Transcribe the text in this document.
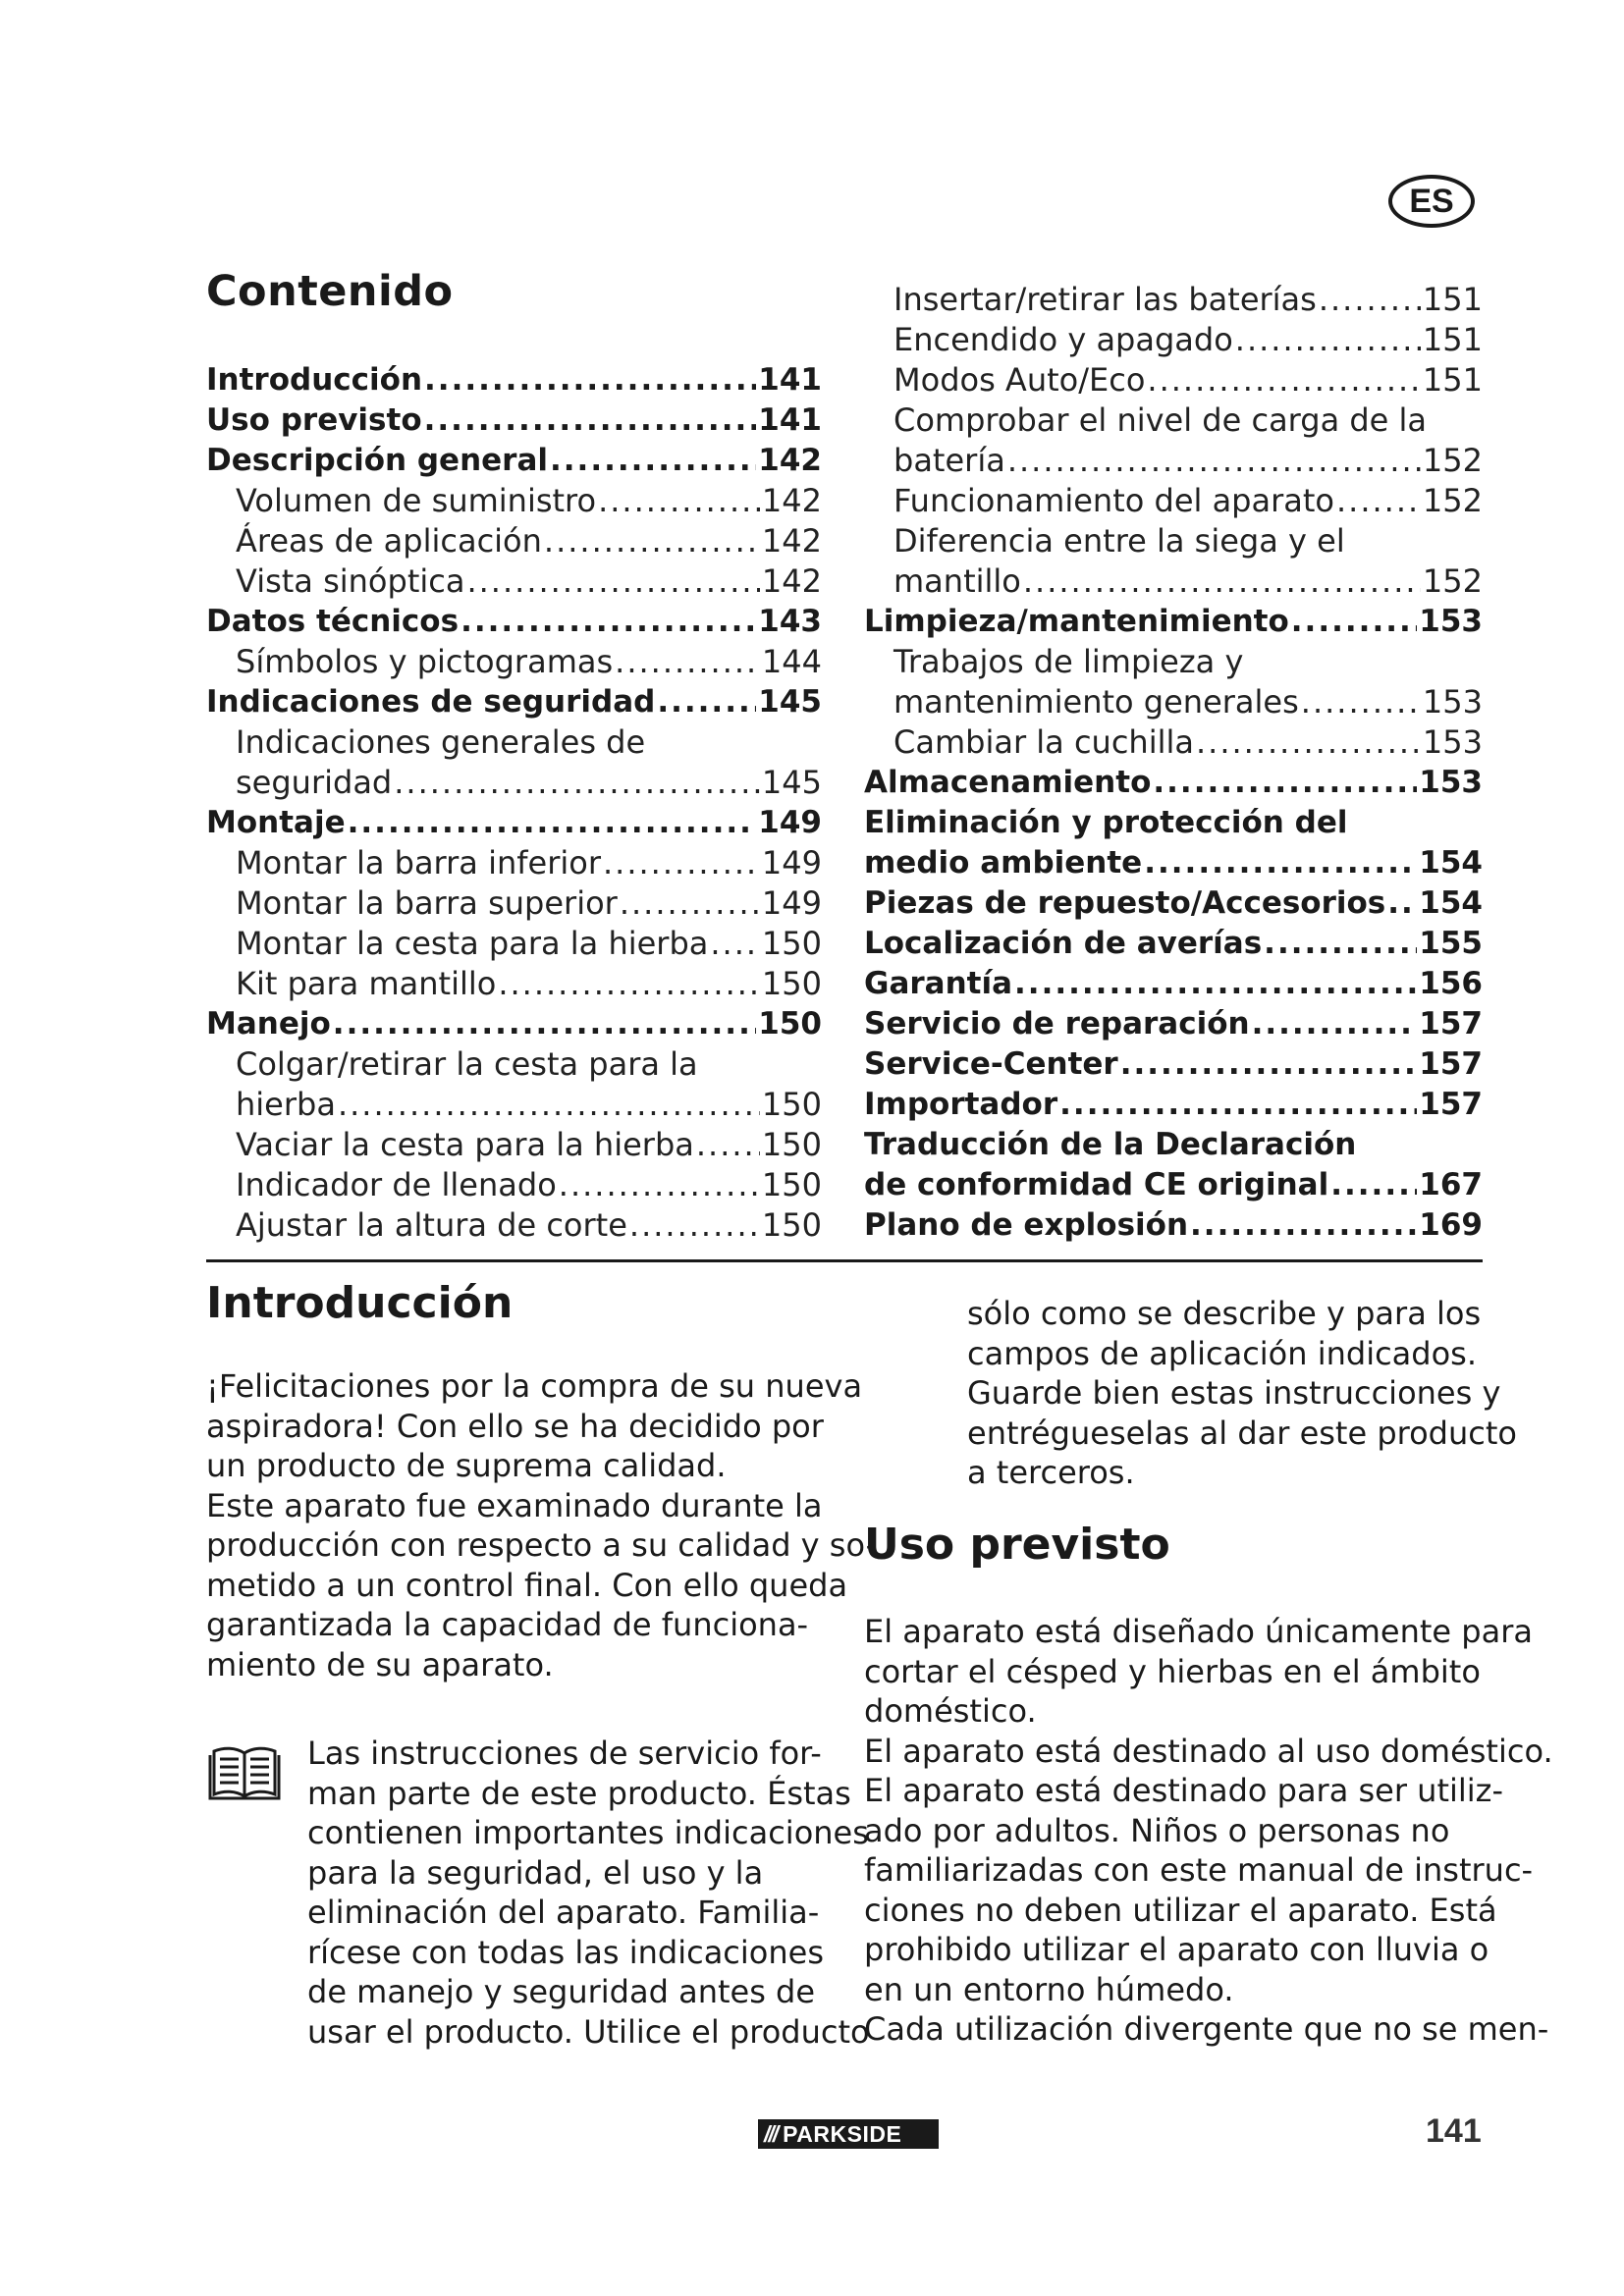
ES
Contenido
Introducción .....	141
Uso previsto .....	141
Descripción general .....	142
Volumen de suministro .....	142
Áreas de aplicación .....	142
Vista sinóptica .....	142
Datos técnicos .....	143
Símbolos y pictogramas .....	144
Indicaciones de seguridad .....	145
Indicaciones generales de
seguridad .....	145
Montaje .....	149
Montar la barra inferior .....	149
Montar la barra superior .....	149
Montar la cesta para la hierba ..... 150
Kit para mantillo .....	150
Manejo .....	150
Colgar/retirar la cesta para la
hierba .....	150
Vaciar la cesta para la hierba ..... 150
Indicador de llenado .....	150
Ajustar la altura de corte .....	150
Insertar/retirar las baterías .....	151
Encendido y apagado .....	151
Modos Auto/Eco .....	151
Comprobar el nivel de carga de la
batería .....	152
Funcionamiento del aparato .....	152
Diferencia entre la siega y el
mantillo .....	152
Limpieza/mantenimiento .....	153
Trabajos de limpieza y
mantenimiento generales .....	153
Cambiar la cuchilla .....	153
Almacenamiento .....	153
Eliminación y protección del
medio ambiente .....	154
Piezas de repuesto/Accesorios ..... 154
Localización de averías .....	155
Garantía .....	156
Servicio de reparación .....	157
Service-Center .....	157
Importador .....	157
Traducción de la Declaración
de conformidad CE original .....	167
Plano de explosión .....	169
Introducción
¡Felicitaciones por la compra de su nueva
aspiradora! Con ello se ha decidido por
un producto de suprema calidad.
Este aparato fue examinado durante la
producción con respecto a su calidad y so-
metido a un control final. Con ello queda
garantizada la capacidad de funciona-
miento de su aparato.
Las instrucciones de servicio for-
man parte de este producto. Éstas
contienen importantes indicaciones
para la seguridad, el uso y la
eliminación del aparato. Familia-
rícese con todas las indicaciones
de manejo y seguridad antes de
usar el producto. Utilice el producto
sólo como se describe y para los
campos de aplicación indicados.
Guarde bien estas instrucciones y
entrégueselas al dar este producto
a terceros.
Uso previsto
El aparato está diseñado únicamente para
cortar el césped y hierbas en el ámbito
doméstico.
El aparato está destinado al uso doméstico.
El aparato está destinado para ser utiliz-
ado por adultos. Niños o personas no
familiarizadas con este manual de instruc-
ciones no deben utilizar el aparato. Está
prohibido utilizar el aparato con lluvia o
en un entorno húmedo.
Cada utilización divergente que no se men-
/// PARKSIDE	141
